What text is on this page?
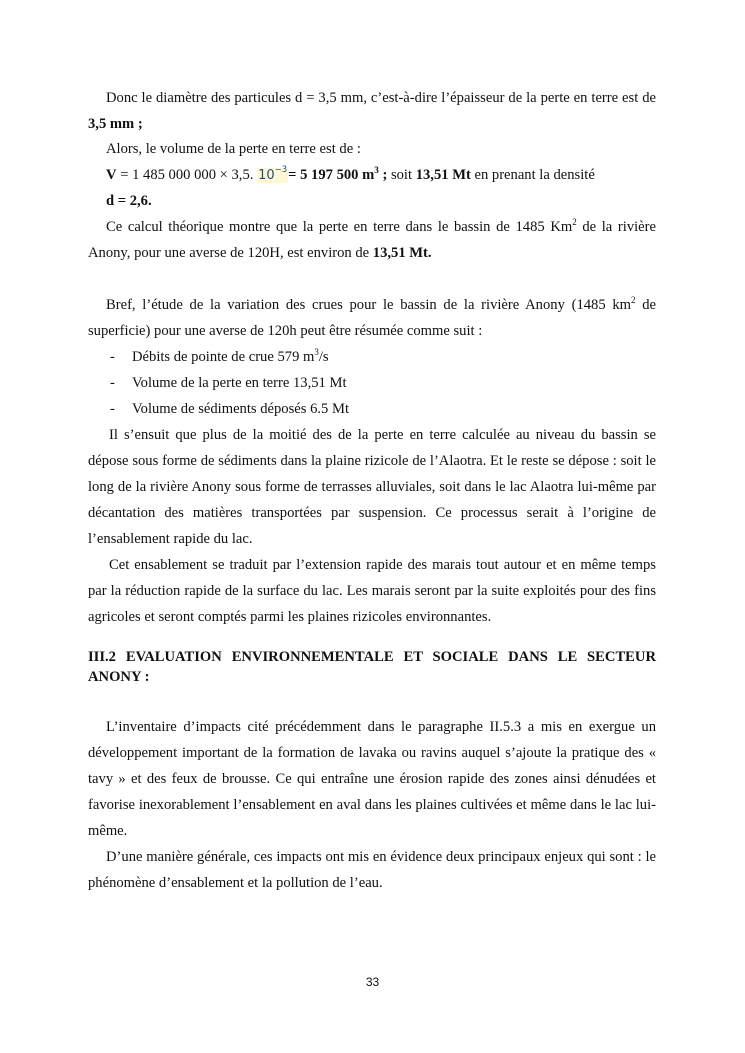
Donc le diamètre des particules d = 3,5 mm, c’est-à-dire l’épaisseur de la perte en terre est de 3,5 mm ;

Alors, le volume de la perte en terre est de :
V = 1 485 000 000 × 3,5. $10^{-3}= 5$ 197 500 $m^3$ ; soit 13,51 Mt en prenant la densité
d = 2,6.

Ce calcul théorique montre que la perte en terre dans le bassin de 1485 Km$^2$ de la rivière Anony, pour une averse de 120H, est environ de 13,51 Mt.

Bref, l’étude de la variation des crues pour le bassin de la rivière Anony (1485 $km^2$ de superficie) pour une averse de 120h peut être résumée comme suit :

- Débits de pointe de crue 579 $m^3/s$
- Volume de la perte en terre 13,51 Mt
- Volume de sédiments déposés 6.5 Mt

Il s’ensuit que plus de la moitié des de la perte en terre calculée au niveau du bassin se dépose sous forme de sédiments dans la plaine rizicole de l’Alaotra. Et le reste se dépose : soit le long de la rivière Anony sous forme de terrasses alluviales, soit dans le lac Alaotra lui-même par décantation des matières transportées par suspension. Ce processus serait à l’origine de l’ensablement rapide du lac.

Cet ensablement se traduit par l’extension rapide des marais tout autour et en même temps par la réduction rapide de la surface du lac. Les marais seront par la suite exploités pour des fins agricoles et seront comptés parmi les plaines rizicoles environnantes.

III.2 EVALUATION ENVIRONNEMENTALE ET SOCIALE DANS LE SECTEUR
ANONY :

L’inventaire d’impacts cité précédemment dans le paragraphe II.5.3 a mis en exergue un développement important de la formation de lavaka ou ravins auquel s’ajoute la pratique des « tavy » et des feux de brousse. Ce qui entraîne une érosion rapide des zones ainsi dénudées et favorise inexorablement l’ensablement en aval dans les plaines cultivées et même dans le lac lui-même.

D’une manière générale, ces impacts ont mis en évidence deux principaux enjeux qui sont : le phénomène d’ensablement et la pollution de l’eau.

33
